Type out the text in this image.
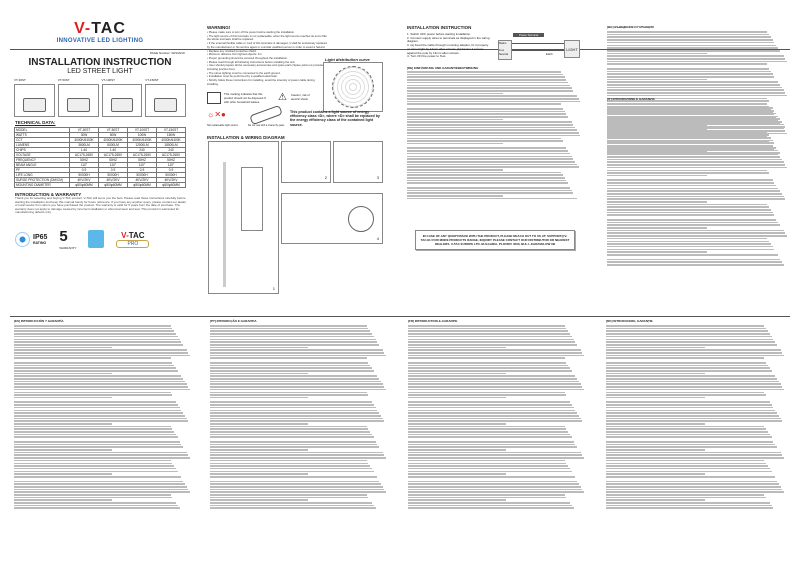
V-TAC
INNOVATIVE LED LIGHTING
PAGE Number: 30/1/2019
INSTALLATION INSTRUCTION
LED STREET LIGHT
VT-30ST	VT-50ST	VT-100ST	VT-150ST
TECHNICAL DATA:
MODEL	VT-30ST	VT-50ST	VT-100ST	VT-150ST
WATTS	30W	50W	100W	150W
CCT	4000K/6400K	4000K/6400K	4000K/6400K	4000K/6400K
LUMENS	3600LM	6000LM	12000LM	18000LM
CHIPS	1:40	1:40	240	240
VOLTAGE	AC175-265V	AC175-265V	AC175-265V	AC175-265V
FREQUENCY	50HZ	50HZ	50HZ	50HZ
BEAM ANGLE	110°	110°	110°	110°
PF	0.9	0.9	0.9	0.9
LIFE LONG	50000H	50000H	50000H	50000H
SURGE PROTECTION (DM/CM)	4KV/2KV	4KV/2KV	4KV/2KV	4KV/2KV
MOUNTING DIAMETER	φ50/φ60MM	φ50/φ60MM	φ50/φ60MM	φ50/φ60MM
INTRODUCTION & WARRANTY
Thank you for selecting and buying V-TAC product. V-TAC will serve you the best. Please read these instructions carefully before starting the installation and keep this manual handy for future reference. If you have any another query, please contact our dealer or local vendor from whom you have purchased the product. The warranty is valid for 5 years from the date of purchase. The warranty does not apply to damage caused by incorrect installation or abnormal wear and tear. This product is warranted for manufacturing defects only.
IP65
RATING 5
WARRANTY
V-TAC
PRO
WARNING!
• Please make sure to turn off the power before starting the installation.
• The light source of this luminaire is not replaceable; when the light source reaches its end of life the whole luminaire shall be replaced.
• If the external flexible cable or cord of this luminaire is damaged, it shall be exclusively replaced by the manufacturer or his service agent or a similar qualified person in order to avoid a hazard.
• Replace any cracked protective shield.
• Minimum distance from lighted objects: 1m
• Proper grounding should be ensured throughout the installation.
• Please read through all following instructions before installing the unit.
• User should prepare all the necessary accessories and spare parts (Spare parts not provided including junction box).
• The street lighting must be connected to the earth ground.
• Installation must be performed by a qualified electrician.
• Strictly follow these instructions for installing, avoid the intensity of power cable during installing.
Light distribution curve
This marking indicates that this product should not be disposed of with other household wastes.	⚠ Caution, risk of electric shock.
☼✕●
Not replaceable light source	Do not use with a crane/ fly-pass
This product contains a light source of energy efficiency class <D>, where <D> shall be replaced by the energy efficiency class of the contained light source.
INSTALLATION & WIRING DIAGRAM
1
2	3
4
INSTALLATION INSTRUCTION
1. Switch OFF power before starting installation.
2. Connect supply wires to terminals as displayed in the wiring diagram.
3. (a) Feed the cable through mounting adapter, fix it properly on street light by 12mm allen screws. (b) Fasten it screws against the pole by 13mm allen screws.
4. Turn ON the power to Test.
Power Terminal
Mains
Live
Neutral	Earth
LIGHT
[DE] EINFÜHRUNG UND GARANTIEBESTIMMUNG
IN CASE OF ANY QUERY/ISSUE WITH THE PRODUCT, PLEASE REACH OUT TO US AT: SUPPORT@V-TAC.EU FOR MORE PRODUCTS RANGE, INQUIRY PLEASE CONTACT OUR DISTRIBUTOR OR NEAREST DEALERS. V-TAC EUROPE LTD. BULGARIA, PLOVDIV 4000, BUL.L.KARAVELOW 9B
[BG] ВЪВЕДЕНИЕ И ГАРАНЦИЯ
[IT] INTRODUZIONE E GARANZIA
[ES] INTRODUCCIÓN Y GARANTÍA	[PT] INTRODUÇÃO E GARANTIA	[FR] INTRODUCTION & GARANTIE	[RO] INTRODUCERE, GARANȚIE
